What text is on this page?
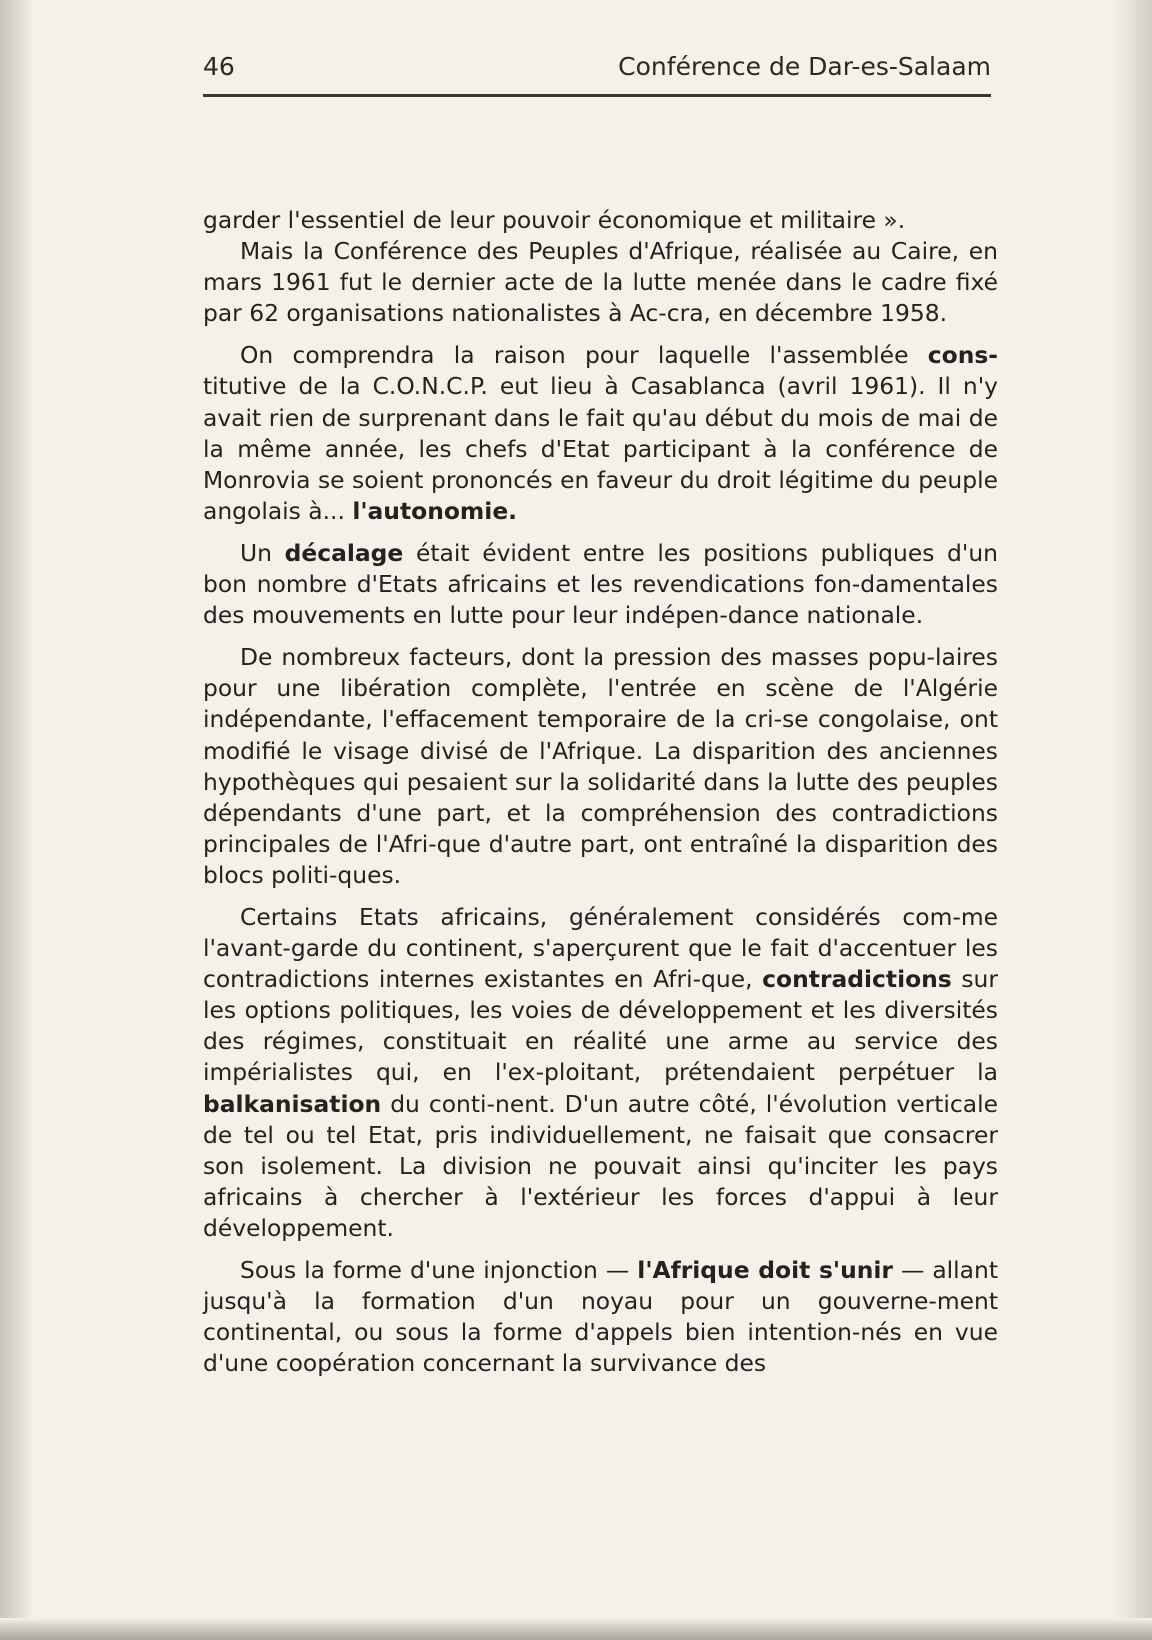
46	Conférence de Dar-es-Salaam

garder l'essentiel de leur pouvoir économique et militaire ».

Mais la Conférence des Peuples d'Afrique, réalisée au Caire, en mars 1961 fut le dernier acte de la lutte menée dans le cadre fixé par 62 organisations nationalistes à Ac-cra, en décembre 1958.

On comprendra la raison pour laquelle l'assemblée cons-titutive de la C.O.N.C.P. eut lieu à Casablanca (avril 1961). Il n'y avait rien de surprenant dans le fait qu'au début du mois de mai de la même année, les chefs d'Etat participant à la conférence de Monrovia se soient prononcés en faveur du droit légitime du peuple angolais à... l'autonomie.

Un décalage était évident entre les positions publiques d'un bon nombre d'Etats africains et les revendications fon-damentales des mouvements en lutte pour leur indépen-dance nationale.

De nombreux facteurs, dont la pression des masses popu-laires pour une libération complète, l'entrée en scène de l'Algérie indépendante, l'effacement temporaire de la cri-se congolaise, ont modifié le visage divisé de l'Afrique. La disparition des anciennes hypothèques qui pesaient sur la solidarité dans la lutte des peuples dépendants d'une part, et la compréhension des contradictions principales de l'Afri-que d'autre part, ont entraîné la disparition des blocs politi-ques.

Certains Etats africains, généralement considérés com-me l'avant-garde du continent, s'aperçurent que le fait d'accentuer les contradictions internes existantes en Afri-que, contradictions sur les options politiques, les voies de développement et les diversités des régimes, constituait en réalité une arme au service des impérialistes qui, en l'ex-ploitant, prétendaient perpétuer la balkanisation du conti-nent. D'un autre côté, l'évolution verticale de tel ou tel Etat, pris individuellement, ne faisait que consacrer son isolement. La division ne pouvait ainsi qu'inciter les pays africains à chercher à l'extérieur les forces d'appui à leur développement.

Sous la forme d'une injonction — l'Afrique doit s'unir — allant jusqu'à la formation d'un noyau pour un gouverne-ment continental, ou sous la forme d'appels bien intention-nés en vue d'une coopération concernant la survivance des
